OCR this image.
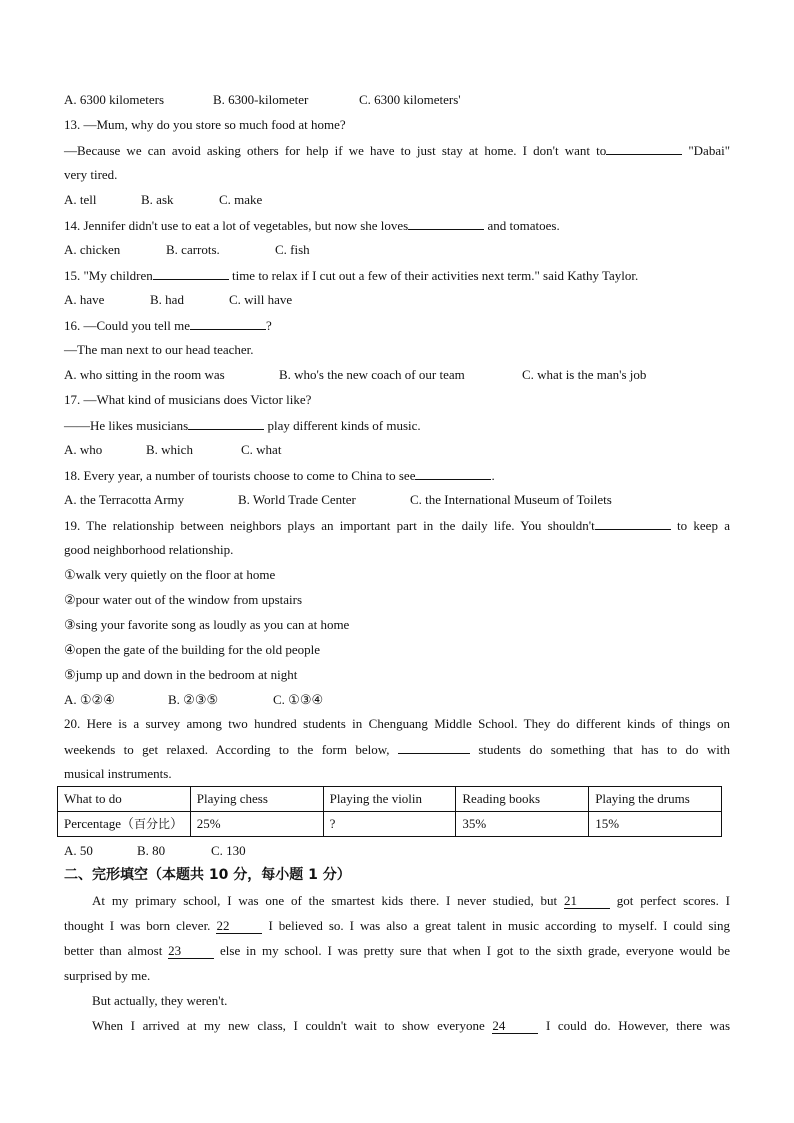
A. 6300 kilometers	B. 6300-kilometer	C. 6300 kilometers'
13. —Mum, why do you store so much food at home?
—Because we can avoid asking others for help if we have to just stay at home. I don't want to	"Dabai"
very tired.
A. tell	B. ask	C. make
14. Jennifer didn't use to eat a lot of vegetables, but now she loves	and tomatoes.
A. chicken	B. carrots.	C. fish
15. "My children	time to relax if I cut out a few of their activities next term." said Kathy Taylor.
A. have	B. had	C. will have
16. —Could you tell me	?
—The man next to our head teacher.
A. who sitting in the room was	B. who's the new coach of our team	C. what is the man's job
17. —What kind of musicians does Victor like?
——He likes musicians	play different kinds of music.
A. who	B. which	C. what
18. Every year, a number of tourists choose to come to China to see	.
A. the Terracotta Army	B. World Trade Center	C. the International Museum of Toilets
19. The relationship between neighbors plays an important part in the daily life. You shouldn't	to keep a
good neighborhood relationship.
①walk very quietly on the floor at home
②pour water out of the window from upstairs
③sing your favorite song as loudly as you can at home
④open the gate of the building for the old people
⑤jump up and down in the bedroom at night
A. ①②④	B. ②③⑤	C. ①③④
20. Here is a survey among two hundred students in Chenguang Middle School. They do different kinds of things on
weekends to get relaxed. According to the form below,	students do something that has to do with
musical instruments.
What to do	Playing chess	Playing the violin	Reading books	Playing the drums
Percentage（百分比）	25%	?	35%	15%
A. 50	B. 80	C. 130
二、完形填空（本题共 10 分，每小题 1 分）
At my primary school, I was one of the smartest kids there. I never studied, but 21	got perfect scores. I
thought I was born clever. 22	I believed so. I was also a great talent in music according to myself. I could sing
better than almost 23	else in my school. I was pretty sure that when I got to the sixth grade, everyone would be
surprised by me.
But actually, they weren't.
When I arrived at my new class, I couldn't wait to show everyone 24	I could do. However, there was
